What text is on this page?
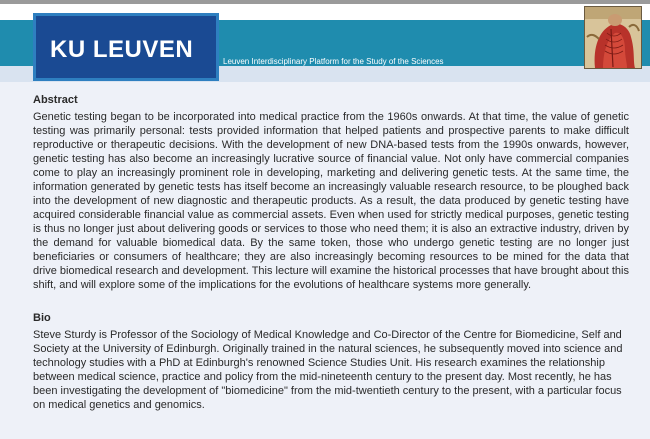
KU LEUVEN	Leuven Interdisciplinary Platform for the Study of the Sciences
Abstract

Genetic testing began to be incorporated into medical practice from the 1960s onwards. At that time, the value of genetic testing was primarily personal: tests provided information that helped patients and prospective parents to make difficult reproductive or therapeutic decisions. With the development of new DNA-based tests from the 1990s onwards, however, genetic testing has also become an increasingly lucrative source of financial value. Not only have commercial companies come to play an increasingly prominent role in developing, marketing and delivering genetic tests. At the same time, the information generated by genetic tests has itself become an increasingly valuable research resource, to be ploughed back into the development of new diagnostic and therapeutic products. As a result, the data produced by genetic testing have acquired considerable financial value as commercial assets. Even when used for strictly medical purposes, genetic testing is thus no longer just about delivering goods or services to those who need them; it is also an extractive industry, driven by the demand for valuable biomedical data. By the same token, those who undergo genetic testing are no longer just beneficiaries or consumers of healthcare; they are also increasingly becoming resources to be mined for the data that drive biomedical research and development. This lecture will examine the historical processes that have brought about this shift, and will explore some of the implications for the evolutions of healthcare systems more generally.

Bio

Steve Sturdy is Professor of the Sociology of Medical Knowledge and Co-Director of the Centre for Biomedicine, Self and Society at the University of Edinburgh. Originally trained in the natural sciences, he subsequently moved into science and technology studies with a PhD at Edinburgh's renowned Science Studies Unit. His research examines the relationship between medical science, practice and policy from the mid-nineteenth century to the present day. Most recently, he has been investigating the development of "biomedicine" from the mid-twentieth century to the present, with a particular focus on medical genetics and genomics.
